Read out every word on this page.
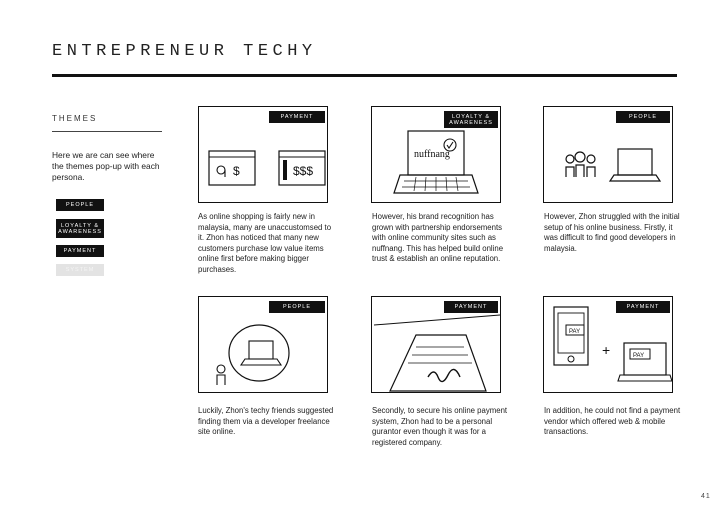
ENTREPRENEUR TECHY
THEMES
Here we are can see where the themes pop-up with each persona.
PEOPLE
LOYALTY &
AWARENESS
PAYMENT
SYSTEM
$	$$$
PAYMENT
As online shopping is fairly new in malaysia, many are unaccustomsed to it. Zhon has noticed that many new customers purchase low value items online first before making bigger purchases.
nuffnang
LOYALTY &
AWARENESS
However, his brand recognition has grown with partnership endorsements with online community sites such as nuffnang. This has helped build online trust & establish an online reputation.
PEOPLE
However, Zhon struggled with the initial setup of his online business. Firstly, it was difficult to find good developers in malaysia.
PEOPLE
Luckily, Zhon's techy friends suggested finding them via a developer freelance site online.
PAYMENT
Secondly, to secure his online payment system, Zhon had to be a personal gurantor even though it was for a registered company.
PAY
+	PAY
PAYMENT
In addition, he could not find a payment vendor which offered web & mobile transactions.
41
